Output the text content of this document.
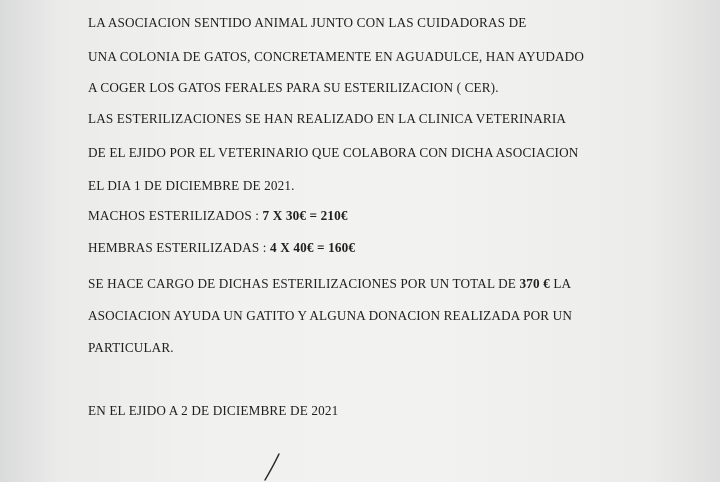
LA ASOCIACION SENTIDO ANIMAL JUNTO CON LAS CUIDADORAS DE
UNA COLONIA DE GATOS, CONCRETAMENTE EN AGUADULCE, HAN AYUDADO
A COGER LOS GATOS FERALES PARA SU ESTERILIZACION ( CER).
LAS ESTERILIZACIONES SE HAN REALIZADO EN LA CLINICA VETERINARIA
DE EL EJIDO POR EL VETERINARIO QUE COLABORA CON DICHA ASOCIACION
EL DIA 1 DE DICIEMBRE DE 2021.
MACHOS ESTERILIZADOS : 7 X 30€ = 210€
HEMBRAS ESTERILIZADAS : 4 X 40€ = 160€
SE HACE CARGO DE DICHAS ESTERILIZACIONES POR UN TOTAL DE 370 € LA
ASOCIACION AYUDA UN GATITO Y ALGUNA DONACION REALIZADA POR UN
PARTICULAR.
EN EL EJIDO A 2 DE DICIEMBRE DE 2021
